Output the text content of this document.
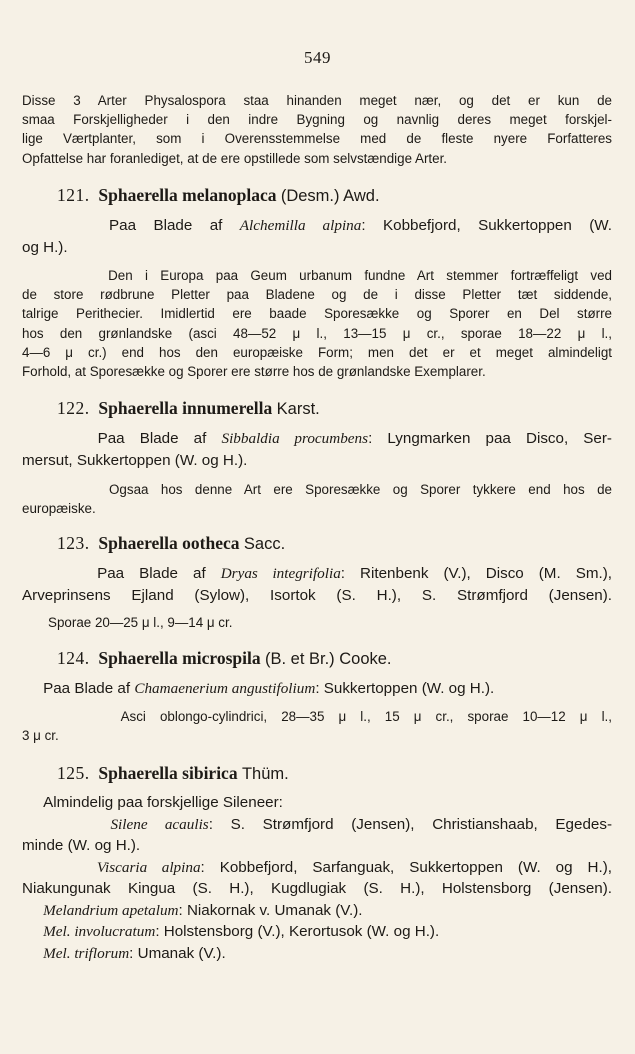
549
Disse 3 Arter Physalospora staa hinanden meget nær, og det er kun de
smaa Forskjelligheder i den indre Bygning og navnlig deres meget forskjel-
lige Værtplanter, som i Overensstemmelse med de fleste nyere Forfatteres
Opfattelse har foranlediget, at de ere opstillede som selvstændige Arter.
121. Sphaerella melanoplaca (Desm.) Awd.
Paa Blade af Alchemilla alpina: Kobbefjord, Sukkertoppen (W.
og H.).
Den i Europa paa Geum urbanum fundne Art stemmer fortræffeligt ved
de store rødbrune Pletter paa Bladene og de i disse Pletter tæt siddende,
talrige Perithecier. Imidlertid ere baade Sporesække og Sporer en Del større
hos den grønlandske (asci 48—52 μ l., 13—15 μ cr., sporae 18—22 μ l.,
4—6 μ cr.) end hos den europæiske Form; men det er et meget almindeligt
Forhold, at Sporesække og Sporer ere større hos de grønlandske Exemplarer.
122. Sphaerella innumerella Karst.
Paa Blade af Sibbaldia procumbens: Lyngmarken paa Disco, Ser-
mersut, Sukkertoppen (W. og H.).
Ogsaa hos denne Art ere Sporesække og Sporer tykkere end hos de
europæiske.
123. Sphaerella ootheca Sacc.
Paa Blade af Dryas integrifolia: Ritenbenk (V.), Disco (M. Sm.),
Arveprinsens Ejland (Sylow), Isortok (S. H.), S. Strømfjord (Jensen).
Sporae 20—25 μ l., 9—14 μ cr.
124. Sphaerella microspila (B. et Br.) Cooke.
Paa Blade af Chamaenerium angustifolium: Sukkertoppen (W. og H.).
Asci oblongo-cylindrici, 28—35 μ l., 15 μ cr., sporae 10—12 μ l.,
3 μ cr.
125. Sphaerella sibirica Thüm.
Almindelig paa forskjellige Sileneer:
Silene acaulis: S. Strømfjord (Jensen), Christianshaab, Egedes-
minde (W. og H.).
Viscaria alpina: Kobbefjord, Sarfanguak, Sukkertoppen (W. og H.),
Niakungunak Kingua (S. H.), Kugdlugiak (S. H.), Holstensborg (Jensen).
Melandrium apetalum: Niakornak v. Umanak (V.).
Mel. involucratum: Holstensborg (V.), Kerortusok (W. og H.).
Mel. triflorum: Umanak (V.).
